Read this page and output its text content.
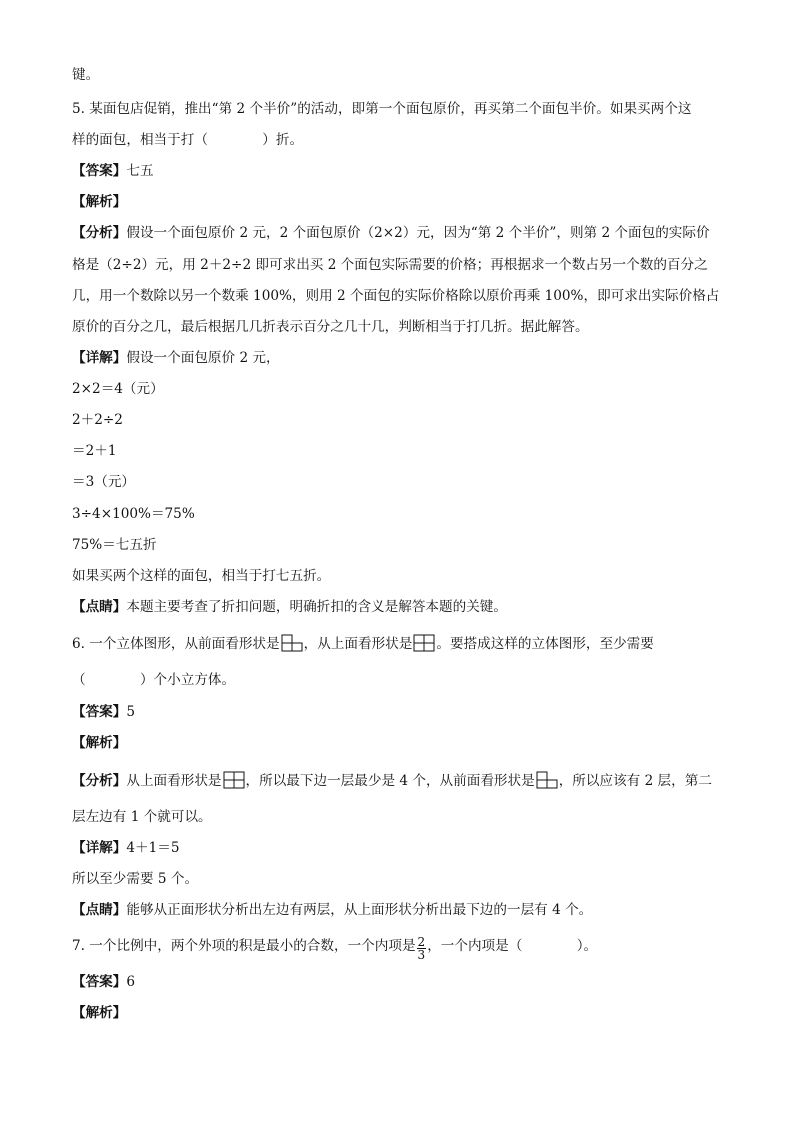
键。
5. 某面包店促销，推出“第 2 个半价”的活动，即第一个面包原价，再买第二个面包半价。如果买两个这
样的面包，相当于打（　　　　）折。
【答案】七五
【解析】
【分析】假设一个面包原价 2 元，2 个面包原价（2×2）元，因为“第 2 个半价”，则第 2 个面包的实际价
格是（2÷2）元，用 2＋2÷2 即可求出买 2 个面包实际需要的价格；再根据求一个数占另一个数的百分之
几，用一个数除以另一个数乘 100%，则用 2 个面包的实际价格除以原价再乘 100%，即可求出实际价格占
原价的百分之几，最后根据几几折表示百分之几十几，判断相当于打几折。据此解答。
【详解】假设一个面包原价 2 元，
2×2＝4（元）
2＋2÷2
＝2＋1
＝3（元）
3÷4×100%＝75%
75%＝七五折
如果买两个这样的面包，相当于打七五折。
【点睛】本题主要考查了折扣问题，明确折扣的含义是解答本题的关键。
6. 一个立体图形，从前面看形状是 ，从上面看形状是 。要搭成这样的立体图形，至少需要
（　　　　）个小立方体。
【答案】5
【解析】
【分析】从上面看形状是 ，所以最下边一层最少是 4 个，从前面看形状是 ，所以应该有 2 层，第二
层左边有 1 个就可以。
【详解】4＋1＝5
所以至少需要 5 个。
【点睛】能够从正面形状分析出左边有两层，从上面形状分析出最下边的一层有 4 个。
7. 一个比例中，两个外项的积是最小的合数，一个内项是 $\frac{2}{3}$ ，一个内项是（　　　　）。
【答案】6
【解析】
